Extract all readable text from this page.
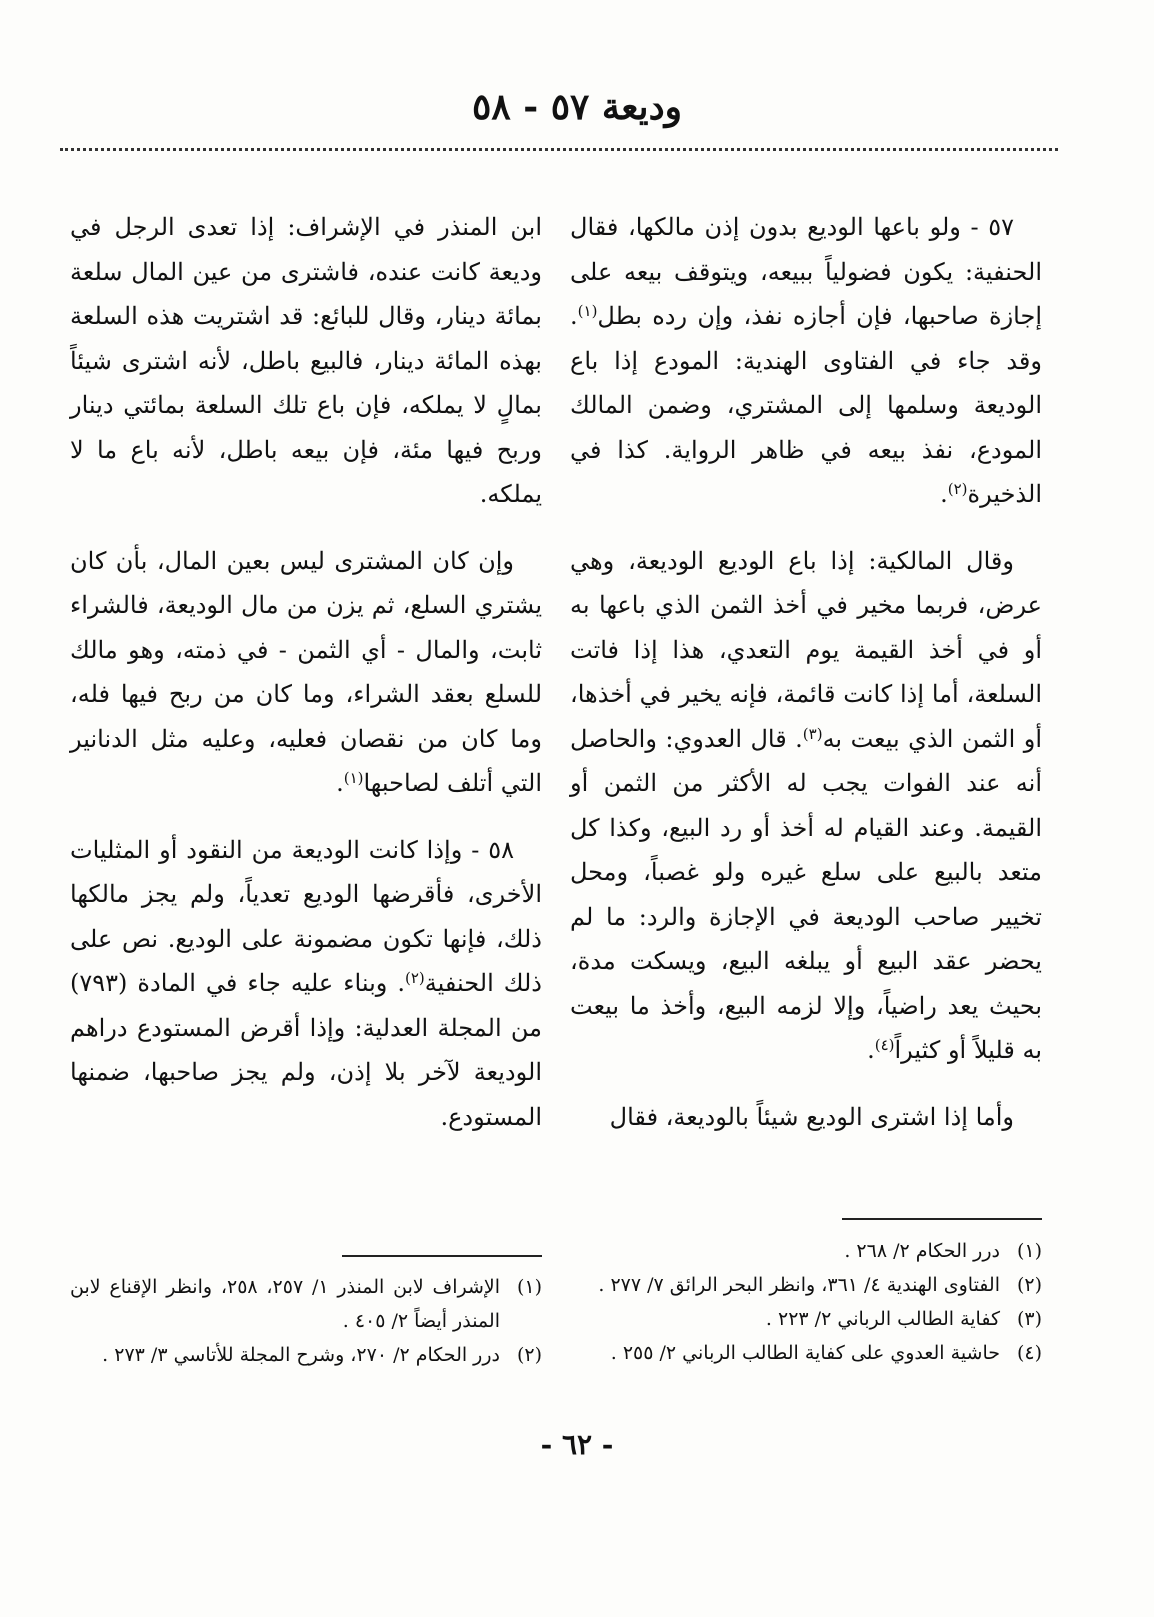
وديعة ٥٧ - ٥٨

٥٧ - ولو باعها الوديع بدون إذن مالكها، فقال الحنفية: يكون فضولياً ببيعه، ويتوقف بيعه على إجازة صاحبها، فإن أجازه نفذ، وإن رده بطل$^{(١)}$. وقد جاء في الفتاوى الهندية: المودع إذا باع الوديعة وسلمها إلى المشتري، وضمن المالك المودع، نفذ بيعه في ظاهر الرواية. كذا في الذخيرة$^{(٢)}$.

وقال المالكية: إذا باع الوديع الوديعة، وهي عرض، فربما مخير في أخذ الثمن الذي باعها به أو في أخذ القيمة يوم التعدي، هذا إذا فاتت السلعة، أما إذا كانت قائمة، فإنه يخير في أخذها، أو الثمن الذي بيعت به$^{(٣)}$. قال العدوي: والحاصل أنه عند الفوات يجب له الأكثر من الثمن أو القيمة. وعند القيام له أخذ أو رد البيع، وكذا كل متعد بالبيع على سلع غيره ولو غصباً، ومحل تخيير صاحب الوديعة في الإجازة والرد: ما لم يحضر عقد البيع أو يبلغه البيع، ويسكت مدة، بحيث يعد راضياً، وإلا لزمه البيع، وأخذ ما بيعت به قليلاً أو كثيراً$^{(٤)}$.

وأما إذا اشترى الوديع شيئاً بالوديعة، فقال

ابن المنذر في الإشراف: إذا تعدى الرجل في وديعة كانت عنده، فاشترى من عين المال سلعة بمائة دينار، وقال للبائع: قد اشتريت هذه السلعة بهذه المائة دينار، فالبيع باطل، لأنه اشترى شيئاً بمالٍ لا يملكه، فإن باع تلك السلعة بمائتي دينار وربح فيها مئة، فإن بيعه باطل، لأنه باع ما لا يملكه.

وإن كان المشترى ليس بعين المال، بأن كان يشتري السلع، ثم يزن من مال الوديعة، فالشراء ثابت، والمال - أي الثمن - في ذمته، وهو مالك للسلع بعقد الشراء، وما كان من ربح فيها فله، وما كان من نقصان فعليه، وعليه مثل الدنانير التي أتلف لصاحبها$^{(١)}$.

٥٨ - وإذا كانت الوديعة من النقود أو المثليات الأخرى، فأقرضها الوديع تعدياً، ولم يجز مالكها ذلك، فإنها تكون مضمونة على الوديع. نص على ذلك الحنفية$^{(٢)}$. وبناء عليه جاء في المادة (٧٩٣) من المجلة العدلية: وإذا أقرض المستودع دراهم الوديعة لآخر بلا إذن، ولم يجز صاحبها، ضمنها المستودع.

(١)
درر الحكام ٢/ ٢٦٨ .
(٢)
الفتاوى الهندية ٤/ ٣٦١، وانظر البحر الرائق ٧/ ٢٧٧ .
(٣)
كفاية الطالب الرباني ٢/ ٢٢٣ .
(٤)
حاشية العدوي على كفاية الطالب الرباني ٢/ ٢٥٥ .
(١)
الإشراف لابن المنذر ١/ ٢٥٧، ٢٥٨، وانظر الإقناع لابن المنذر أيضاً ٢/ ٤٠٥ .
(٢)
درر الحكام ٢/ ٢٧٠، وشرح المجلة للأتاسي ٣/ ٢٧٣ .
- ٦٢ -
